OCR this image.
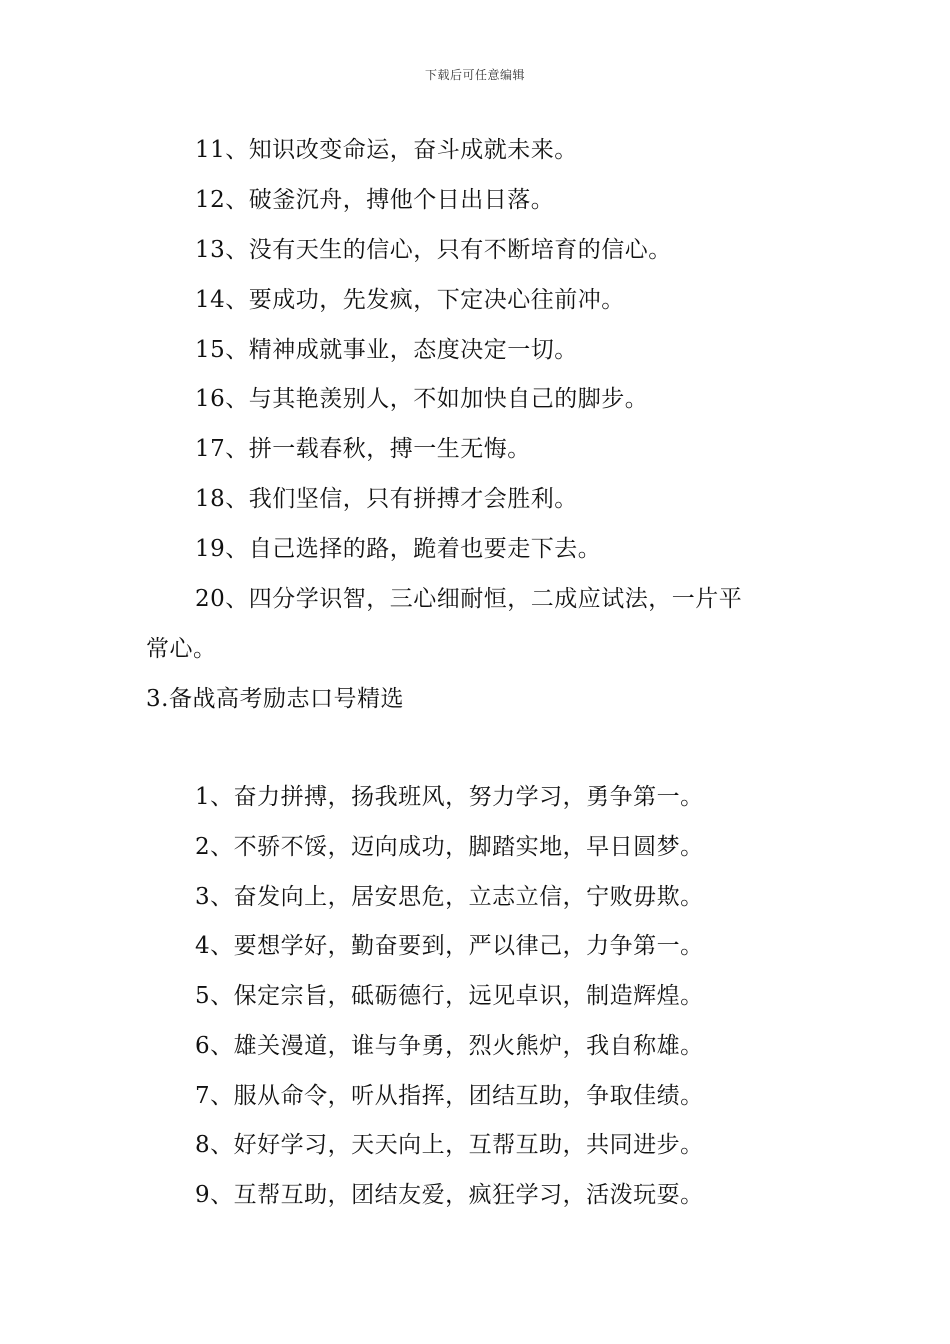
下载后可任意编辑
11、知识改变命运，奋斗成就未来。
12、破釜沉舟，搏他个日出日落。
13、没有天生的信心，只有不断培育的信心。
14、要成功，先发疯，下定决心往前冲。
15、精神成就事业，态度决定一切。
16、与其艳羡别人，不如加快自己的脚步。
17、拼一载春秋，搏一生无悔。
18、我们坚信，只有拼搏才会胜利。
19、自己选择的路，跪着也要走下去。
20、四分学识智，三心细耐恒，二成应试法，一片平
常心。
3.备战高考励志口号精选
1、奋力拼搏，扬我班风，努力学习，勇争第一。
2、不骄不馁，迈向成功，脚踏实地，早日圆梦。
3、奋发向上，居安思危，立志立信，宁败毋欺。
4、要想学好，勤奋要到，严以律己，力争第一。
5、保定宗旨，砥砺德行，远见卓识，制造辉煌。
6、雄关漫道，谁与争勇，烈火熊炉，我自称雄。
7、服从命令，听从指挥，团结互助，争取佳绩。
8、好好学习，天天向上，互帮互助，共同进步。
9、互帮互助，团结友爱，疯狂学习，活泼玩耍。
